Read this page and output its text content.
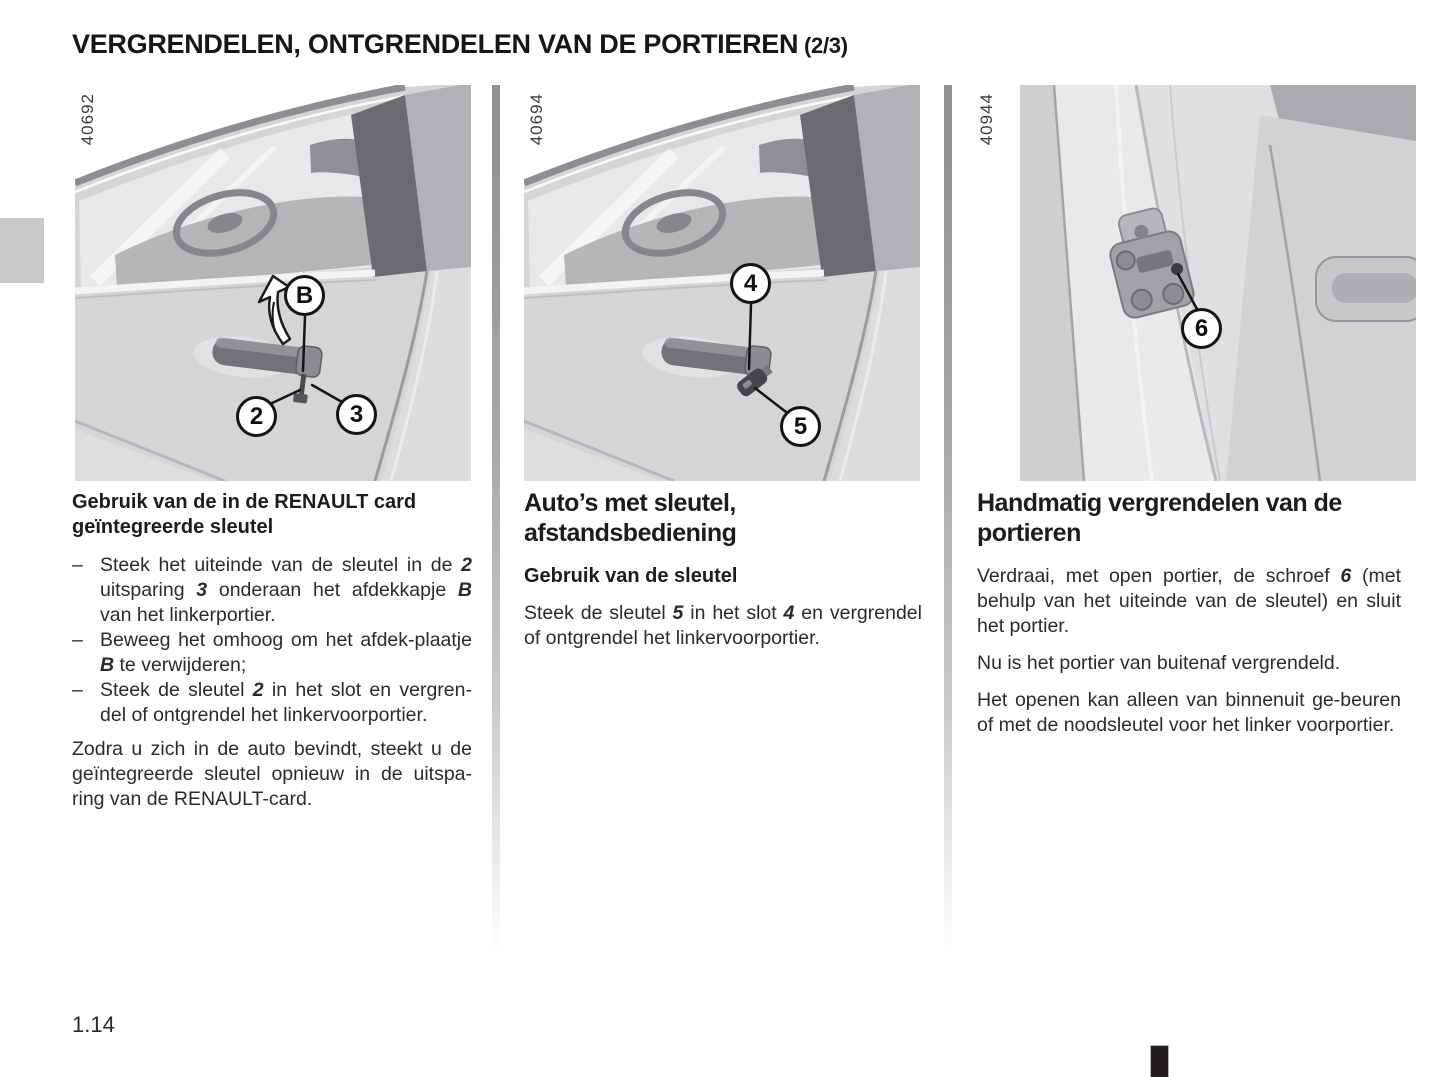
VERGRENDELEN, ONTGRENDELEN VAN DE PORTIEREN (2/3)
40692
B
2	3
40694
4
5
40944
6

Gebruik van de in de RENAULT card geïntegreerde sleutel

– Steek het uiteinde van de sleutel in de 2 uitsparing 3 onderaan het afdekkapje B van het linkerportier.
– Beweeg het omhoog om het afdek-plaatje B te verwijderen;
– Steek de sleutel 2 in het slot en vergren-del of ontgrendel het linkervoorportier.

Zodra u zich in de auto bevindt, steekt u de geïntegreerde sleutel opnieuw in de uitspa-ring van de RENAULT-card.

Auto’s met sleutel, afstandsbediening

Gebruik van de sleutel

Steek de sleutel 5 in het slot 4 en vergrendel of ontgrendel het linkervoorportier.

Handmatig vergrendelen van de portieren

Verdraai, met open portier, de schroef 6 (met behulp van het uiteinde van de sleutel) en sluit het portier.

Nu is het portier van buitenaf vergrendeld.

Het openen kan alleen van binnenuit ge-beuren of met de noodsleutel voor het linker voorportier.

1.14
